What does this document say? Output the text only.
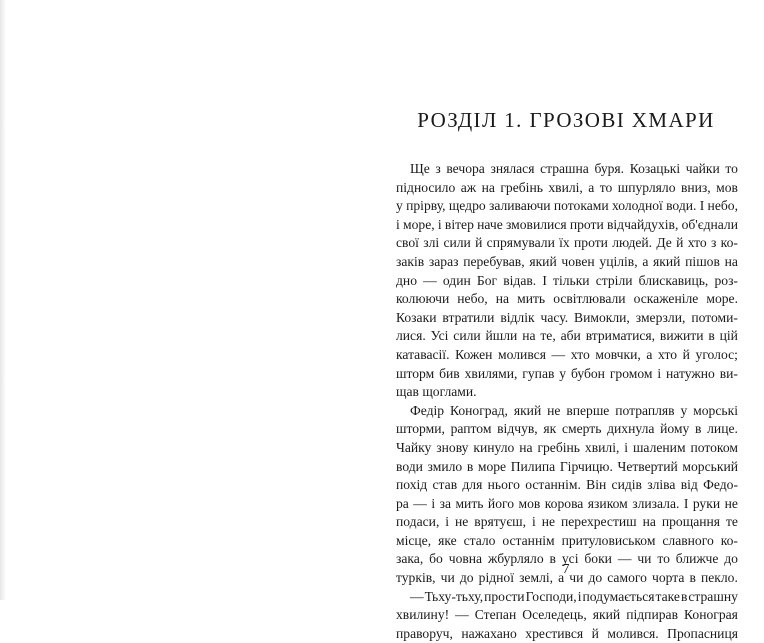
РОЗДІЛ 1. ГРОЗОВІ ХМАРИ
Ще з вечора знялася страшна буря. Козацькі чайки то
підносило аж на гребінь хвилі, а то шпурляло вниз, мов
у прірву, щедро заливаючи потоками холодної води. І небо,
і море, і вітер наче змовилися проти відчайдухів, об'єднали
свої злі сили й спрямували їх проти людей. Де й хто з ко-
заків зараз перебував, який човен уцілів, а який пішов на
дно — один Бог відав. І тільки стріли блискавиць, роз-
колюючи небо, на мить освітлювали оскаженіле море.
Козаки втратили відлік часу. Вимокли, змерзли, потоми-
лися. Усі сили йшли на те, аби втриматися, вижити в цій
катавасії. Кожен молився — хто мовчки, а хто й уголос;
шторм бив хвилями, гупав у бубон громом і натужно ви-
щав щоглами.
Федір Коноград, який не вперше потрапляв у морські
шторми, раптом відчув, як смерть дихнула йому в лице.
Чайку знову кинуло на гребінь хвилі, і шаленим потоком
води змило в море Пилипа Гірчицю. Четвертий морський
похід став для нього останнім. Він сидів зліва від Федо-
ра — і за мить його мов корова язиком злизала. І руки не
подаси, і не врятуєш, і не перехрестиш на прощання те
місце, яке стало останнім притуловиськом славного ко-
зака, бо човна жбурляло в усі боки — чи то ближче до
турків, чи до рідної землі, а чи до самого чорта в пекло.
— Тьху-тьху, прости Господи, і подумається таке в страшну
хвилину! — Степан Оселедець, який підпирав Конограя
праворуч, нажахано хрестився й молився. Пропасниця
7
